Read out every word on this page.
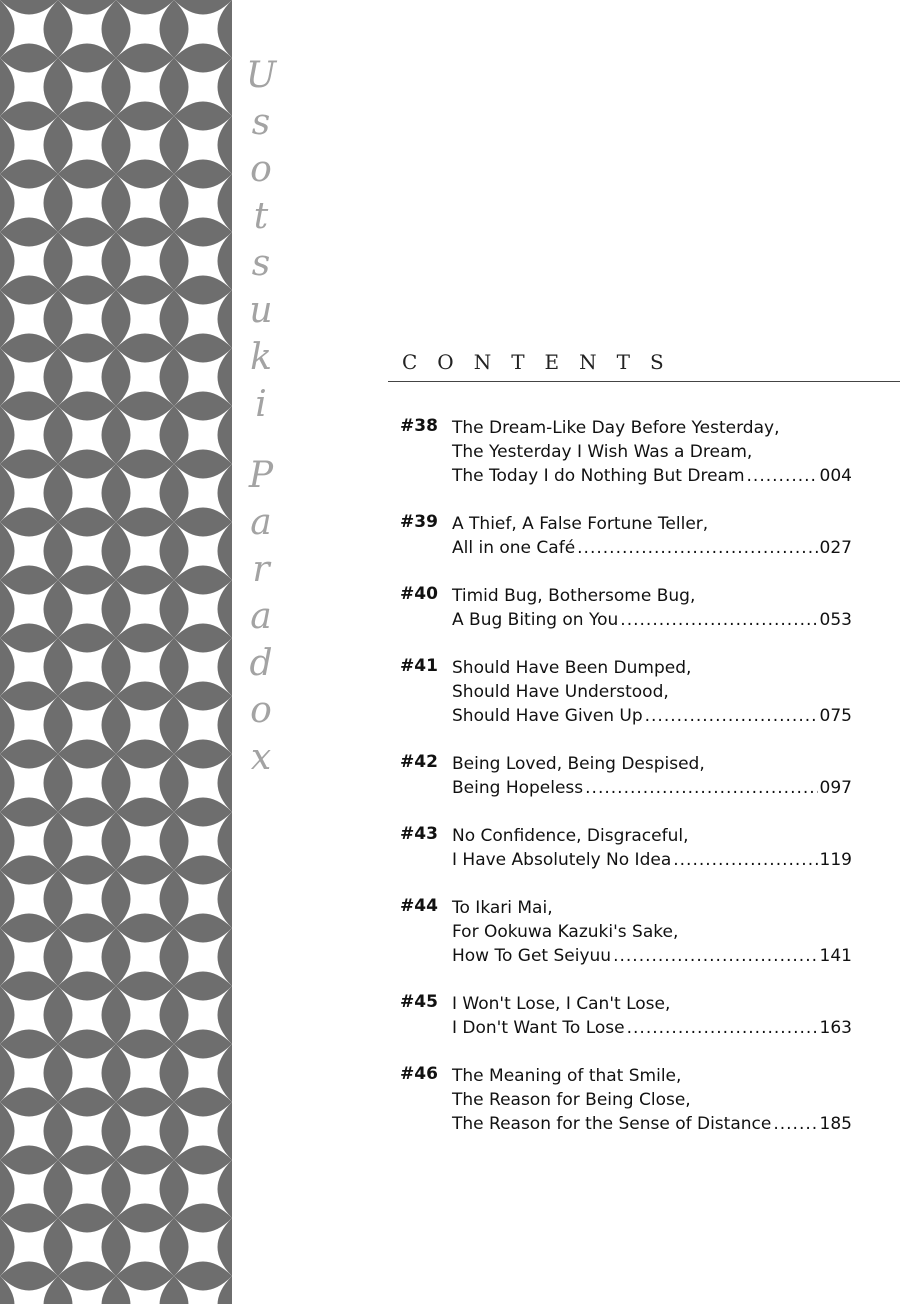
U
s
o
t
s
u
k
i

P
a
r
a
d
o
x
CONTENTS
#38 The Dream-Like Day Before Yesterday,
The Yesterday I Wish Was a Dream,
The Today I do Nothing But Dream .....	004
#39 A Thief, A False Fortune Teller,
All in one Café .....	027
#40 Timid Bug, Bothersome Bug,
A Bug Biting on You .....	053
#41 Should Have Been Dumped,
Should Have Understood,
Should Have Given Up .....	075
#42 Being Loved, Being Despised,
Being Hopeless .....	097
#43 No Confidence, Disgraceful,
I Have Absolutely No Idea .....	119
#44 To Ikari Mai,
For Ookuwa Kazuki's Sake,
How To Get Seiyuu .....	141
#45 I Won't Lose, I Can't Lose,
I Don't Want To Lose .....	163
#46 The Meaning of that Smile,
The Reason for Being Close,
The Reason for the Sense of Distance .....	185
